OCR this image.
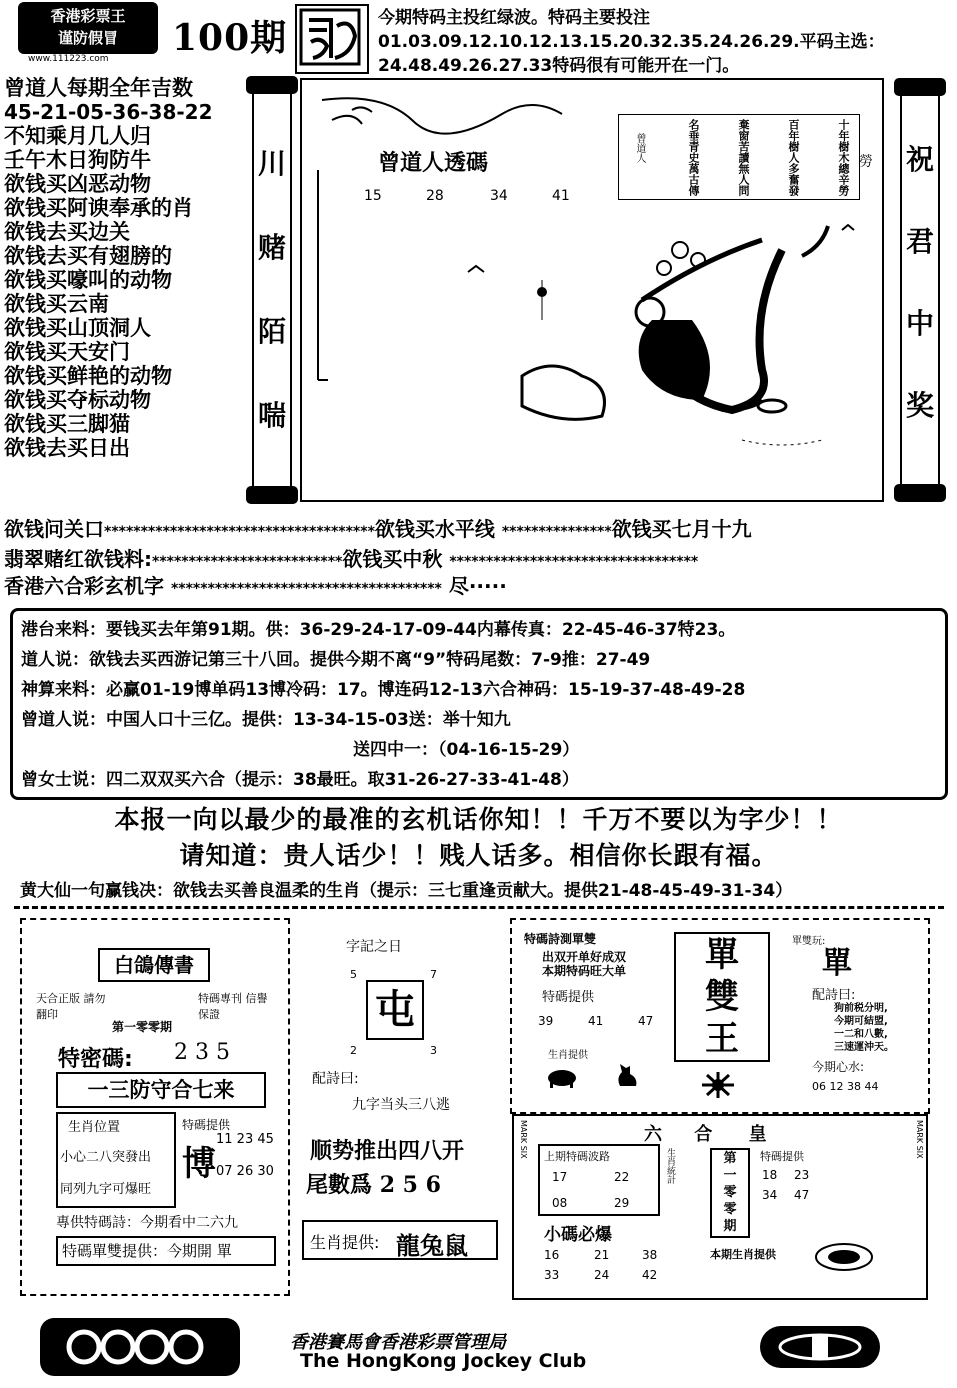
香港彩票王
谨防假冒
www.111223.com 100期	今期特码主投红绿波。特码主要投注01.03.09.12.10.12.13.15.20.32.35.24.26.29.平码主选：24.48.49.26.27.33特码很有可能开在一门。
曾道人每期全年吉数
45-21-05-36-38-22
不知乘月几人归
壬午木日狗防牛
欲钱买凶恶动物
欲钱买阿谀奉承的肖
欲钱去买边关
欲钱去买有翅膀的
欲钱买嚎叫的动物
欲钱买云南
欲钱买山顶洞人
欲钱买天安门
欲钱买鲜艳的动物
欲钱买夺标动物
欲钱买三脚猫
欲钱去买日出
川
赌
陌
喘
曾道人透碼
15	28	34	41	十年樹木總辛勞
百年樹人多奮發
棄窗苦讀無人問
名垂青史萬古傳
曾道人	勞 祝
君
中
奖
欲钱问关口*************************************欲钱买水平线 ***************欲钱买七月十九
翡翠赌红欲钱料:**************************欲钱买中秋 **********************************
香港六合彩玄机字 ************************************* 尽·····
港台来料：要钱买去年第91期。供：36-29-24-17-09-44内幕传真：22-45-46-37特23。
道人说：欲钱去买西游记第三十八回。提供今期不离“9”特码尾数：7-9推：27-49
神算来料：必赢01-19博单码13博冷码：17。博连码12-13六合神码：15-19-37-48-49-28
曾道人说：中国人口十三亿。提供：13-34-15-03送：举十知九
送四中一：（04-16-15-29）
曾女士说：四二双双买六合（提示：38最旺。取31-26-27-33-41-48）
本报一向以最少的最准的玄机话你知！！千万不要以为字少！！
请知道：贵人话少！！贱人话多。相信你长跟有福。
黄大仙一句赢钱决：欲钱去买善良温柔的生肖（提示：三七重逢贡献大。提供21-48-45-49-31-34）
白鴿傳書
天合正版 請勿翻印
特碼專刊 信譽保證
第一零零期
特密碼: 2 3 5
一三防守合七来
生肖位置
小心二八突發出
同列九字可爆旺
特碼提供
博
11 23 45
07 26 30
專供特碼詩：今期看中二六九
特碼單雙提供：今期開 單
字記之日
5	7
屯
2	3
配詩曰:
九字当头三八逃
顺势推出四八开
尾數爲 2 5 6
生肖提供: 龍兔鼠
特碼詩測單雙
出双开单好成双
本期特码旺大单
特碼提供
39	41	47
生肖提供
單
雙
王
單雙玩:
單
配詩曰:
狗前税分明,
今期可結盟,
一二和八數,
三速運沖天。
今期心水:
06 12 38 44
六 合 皇
MARK SIX	MARK SIX
上期特碼波路
17	22
08	29
生肖統計	第
一
零
零
期
特碼提供
18 23
34 47
小碼必爆
16	21	38
33	24	42
本期生肖提供
香港賽馬會香港彩票管理局
The HongKong Jockey Club
